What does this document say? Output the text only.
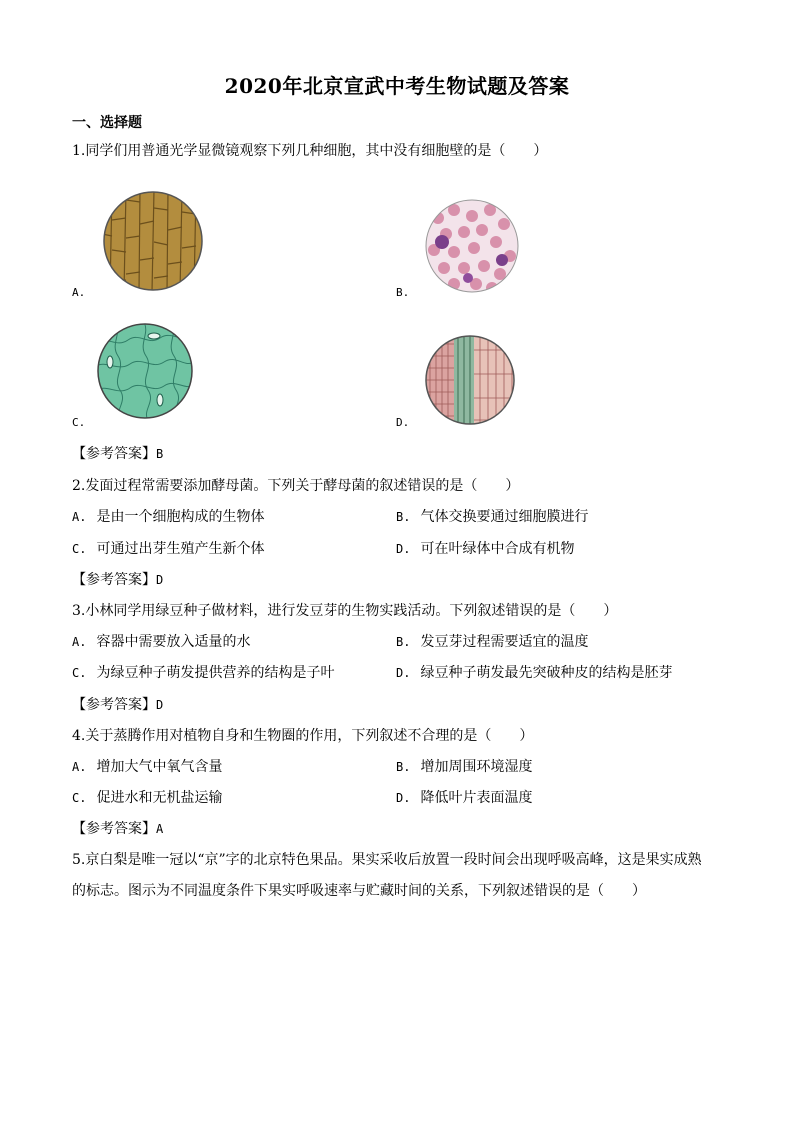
2020年北京宣武中考生物试题及答案
一、选择题
1.同学们用普通光学显微镜观察下列几种细胞，其中没有细胞壁的是（　　）
A.	B.
C.	D.
【参考答案】B
2.发面过程常需要添加酵母菌。下列关于酵母菌的叙述错误的是（　　）
A. 是由一个细胞构成的生物体	B. 气体交换要通过细胞膜进行
C. 可通过出芽生殖产生新个体	D. 可在叶绿体中合成有机物
【参考答案】D
3.小林同学用绿豆种子做材料，进行发豆芽的生物实践活动。下列叙述错误的是（　　）
A. 容器中需要放入适量的水	B. 发豆芽过程需要适宜的温度
C. 为绿豆种子萌发提供营养的结构是子叶	D. 绿豆种子萌发最先突破种皮的结构是胚芽
【参考答案】D
4.关于蒸腾作用对植物自身和生物圈的作用，下列叙述不合理的是（　　）
A. 增加大气中氧气含量	B. 增加周围环境湿度
C. 促进水和无机盐运输	D. 降低叶片表面温度
【参考答案】A
5.京白梨是唯一冠以“京”字的北京特色果品。果实采收后放置一段时间会出现呼吸高峰，这是果实成熟
的标志。图示为不同温度条件下果实呼吸速率与贮藏时间的关系，下列叙述错误的是（　　）
